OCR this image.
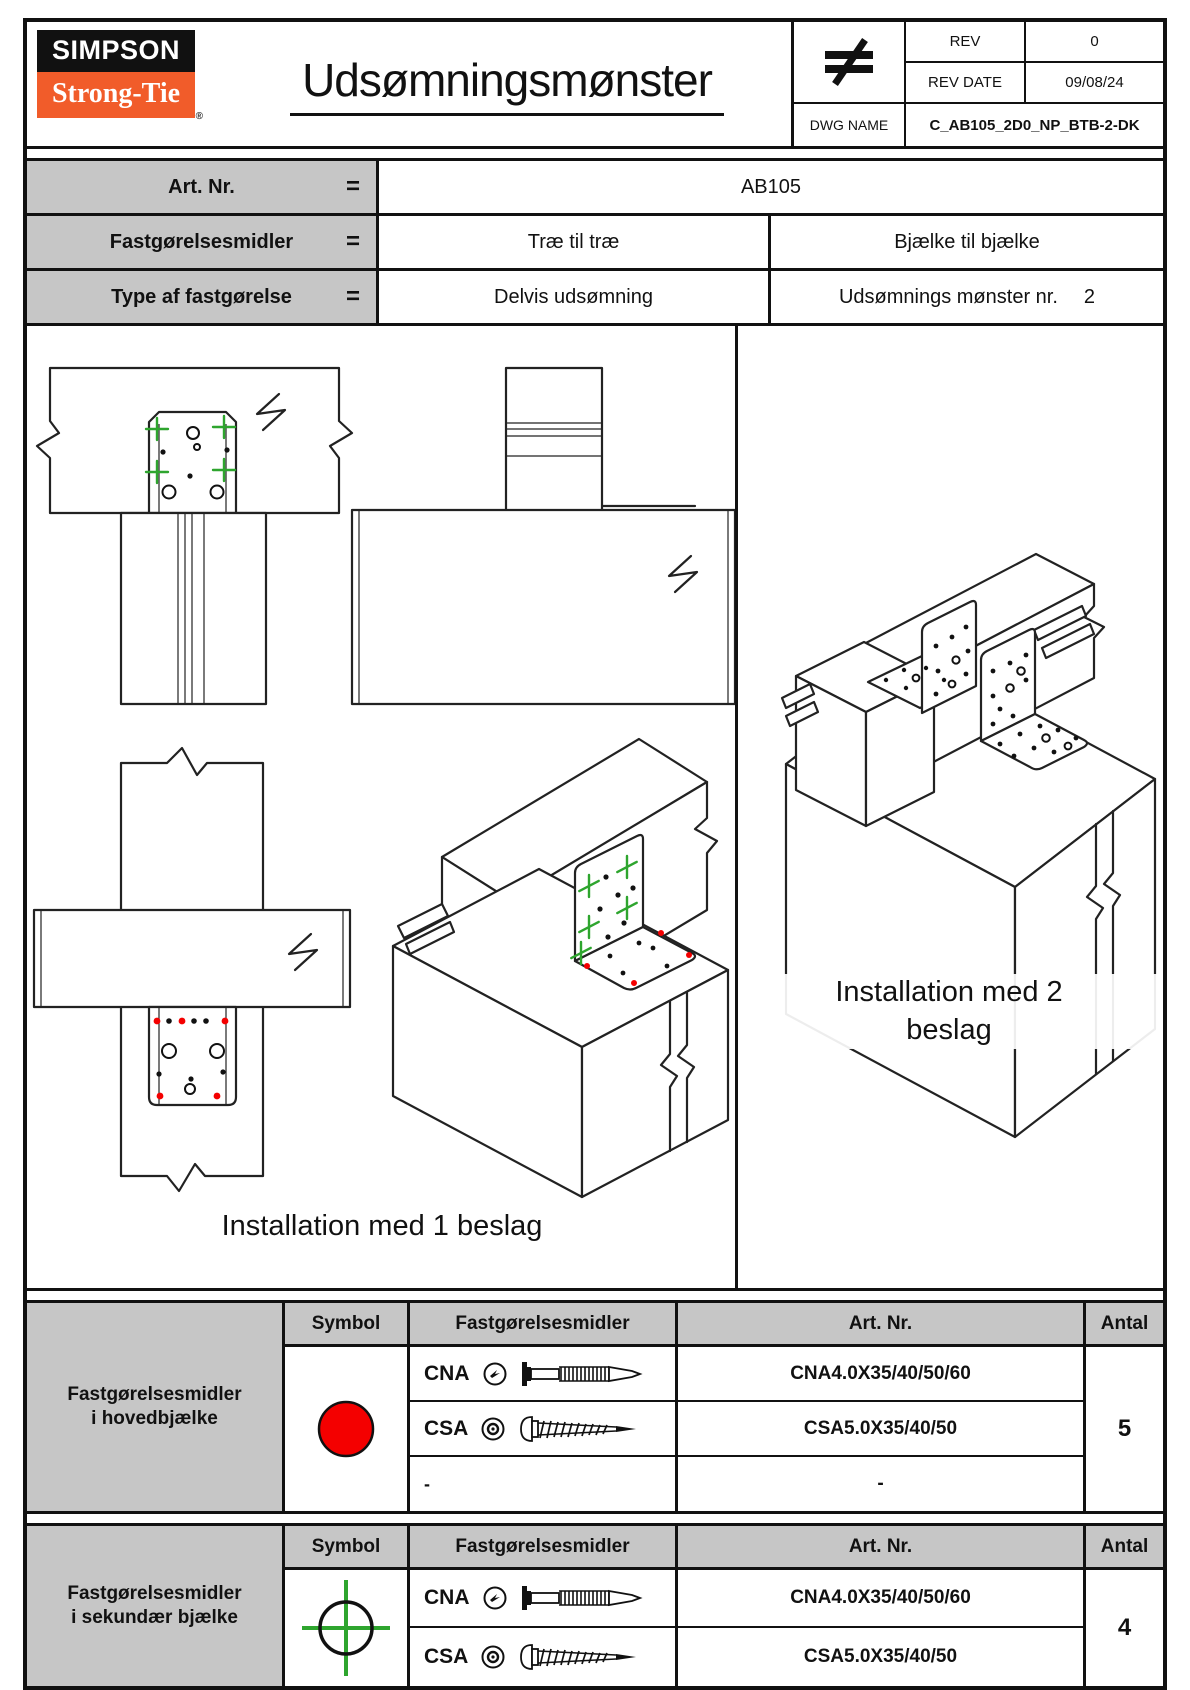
SIMPSON
Strong-Tie
®
Udsømningsmønster
REV	0
REV DATE	09/08/24
DWG NAME	C_AB105_2D0_NP_BTB-2-DK
Art. Nr.	=	AB105
Fastgørelsesmidler =	Træ til træ	Bjælke til bjælke
Type af fastgørelse =	Delvis udsømning	Udsømnings mønster nr. 2
Installation med 1 beslag
Installation med 2
beslag
Fastgørelsesmidler
i hovedbjælke
Symbol	Fastgørelsesmidler	Art. Nr.	Antal
CNA	CNA4.0X35/40/50/60
5
CSA	CSA5.0X35/40/50
-	-
Fastgørelsesmidler
i sekundær bjælke
Symbol	Fastgørelsesmidler	Art. Nr.	Antal
CNA	CNA4.0X35/40/50/60
4
CSA	CSA5.0X35/40/50
